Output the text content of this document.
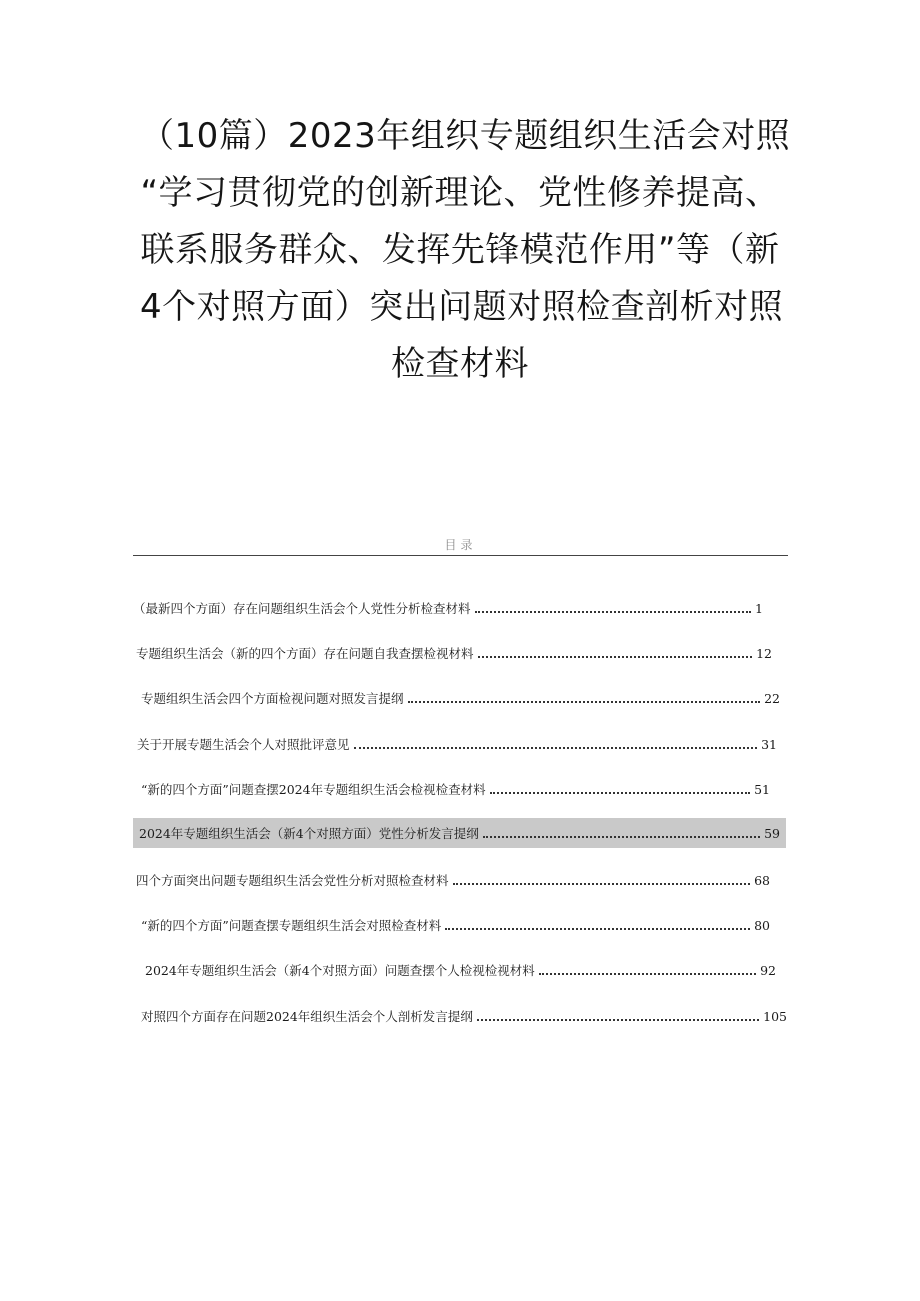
（10篇）2023年组织专题组织生活会对照
“学习贯彻党的创新理论、党性修养提高、
联系服务群众、发挥先锋模范作用”等（新
4个对照方面）突出问题对照检查剖析对照
检查材料
目录
（最新四个方面）存在问题组织生活会个人党性分析检查材料	1
专题组织生活会（新的四个方面）存在问题自我查摆检视材料	12
专题组织生活会四个方面检视问题对照发言提纲	22
关于开展专题生活会个人对照批评意见	31
“新的四个方面”问题查摆2024年专题组织生活会检视检查材料	51
2024年专题组织生活会（新4个对照方面）党性分析发言提纲	59
四个方面突出问题专题组织生活会党性分析对照检查材料	68
“新的四个方面”问题查摆专题组织生活会对照检查材料	80
2024年专题组织生活会（新4个对照方面）问题查摆个人检视检视材料	92
对照四个方面存在问题2024年组织生活会个人剖析发言提纲	105
